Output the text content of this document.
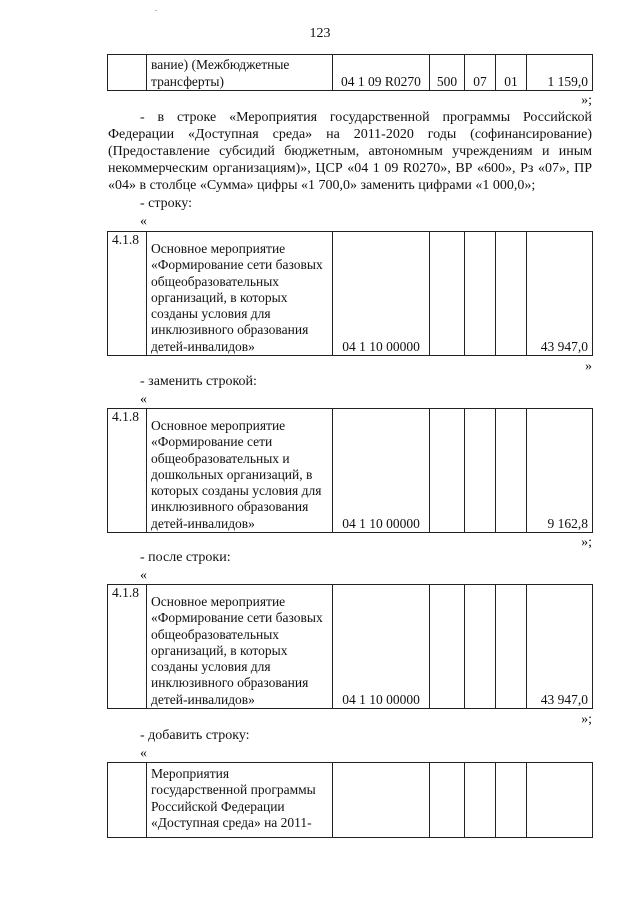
123
	вание) (Межбюджетные трансферты)	04 1 09 R0270	500	07	01	1 159,0
»;
- в строке «Мероприятия государственной программы Российской Федерации «Доступная среда» на 2011-2020 годы (софинансирование) (Предоставление субсидий бюджетным, автономным учреждениям и иным некоммерческим организациям)», ЦСР «04 1 09 R0270», ВР «600», Рз «07», ПР «04» в столбце «Сумма» цифры «1 700,0» заменить цифрами «1 000,0»;
- строку:
«
4.1.8	Основное мероприятие «Формирование сети базовых общеобразовательных организаций, в которых созданы условия для инклюзивного образования детей-инвалидов»	04 1 10 00000				43 947,0
»
- заменить строкой:
«
4.1.8	Основное мероприятие «Формирование сети общеобразовательных и дошкольных организаций, в которых созданы условия для инклюзивного образования детей-инвалидов»	04 1 10 00000				9 162,8
»;
- после строки:
«
4.1.8	Основное мероприятие «Формирование сети базовых общеобразовательных организаций, в которых созданы условия для инклюзивного образования детей-инвалидов»	04 1 10 00000				43 947,0
»;
- добавить строку:
«
	Мероприятия государственной программы Российской Федерации «Доступная среда» на 2011-					
